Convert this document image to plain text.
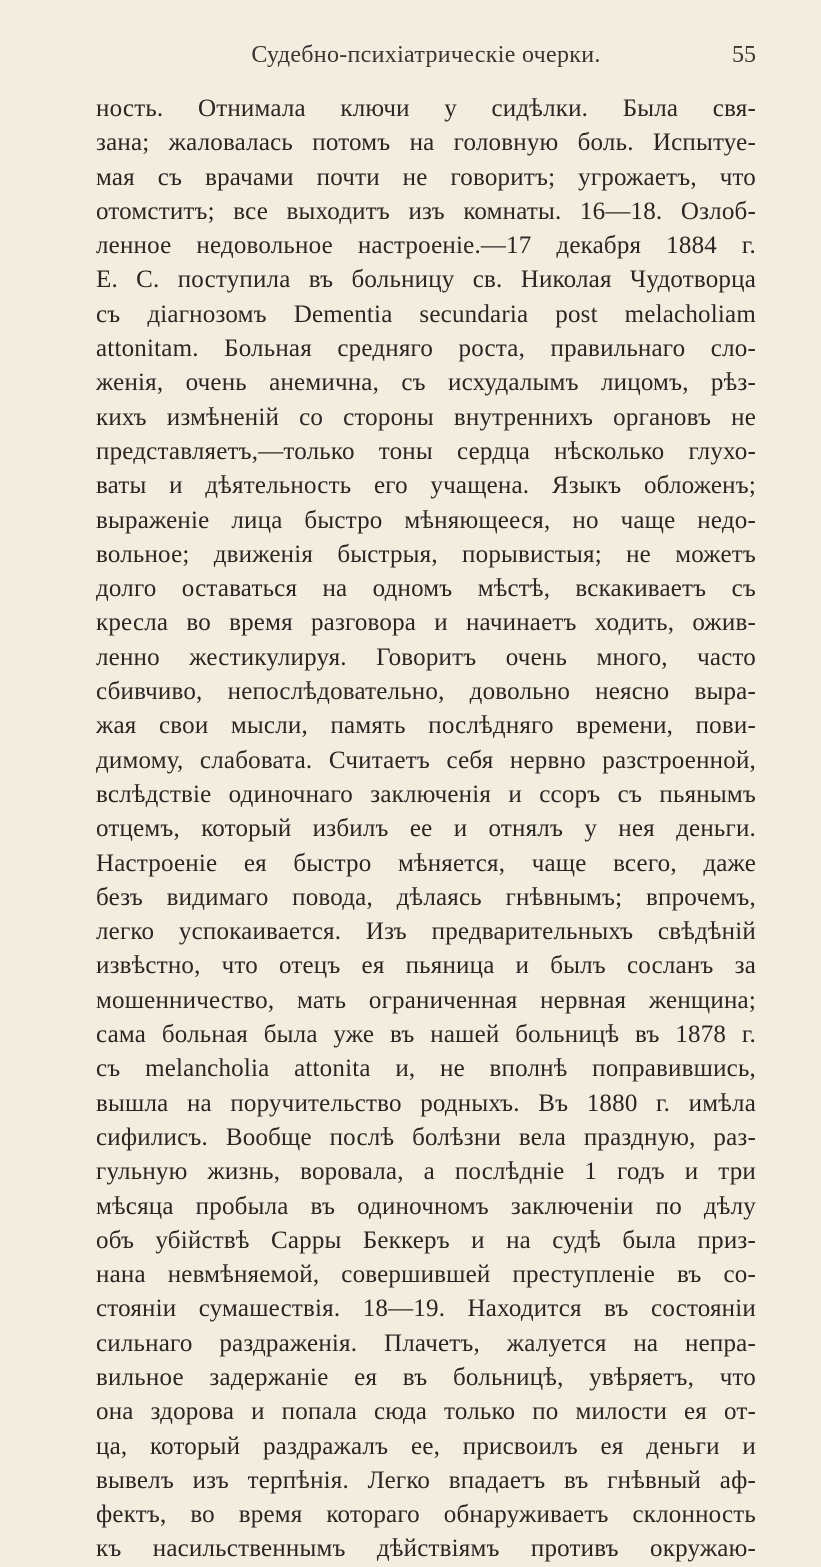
Судебно-психіатрическіе очерки.	55
ность. Отнимала ключи у сидѣлки. Была свя-
зана; жаловалась потомъ на головную боль. Испытуе-
мая съ врачами почти не говоритъ; угрожаетъ, что
отомститъ; все выходитъ изъ комнаты. 16—18. Озлоб-
ленное недовольное настроеніе.—17 декабря 1884 г.
Е. С. поступила въ больницу св. Николая Чудотворца
съ діагнозомъ Dementia secundaria post melacholiam
attonitam. Больная средняго роста, правильнаго сло-
женія, очень анемична, съ исхудалымъ лицомъ, рѣз-
кихъ измѣненій со стороны внутреннихъ органовъ не
представляетъ,—только тоны сердца нѣсколько глухо-
ваты и дѣятельность его учащена. Языкъ обложенъ;
выраженіе лица быстро мѣняющееся, но чаще недо-
вольное; движенія быстрыя, порывистыя; не можетъ
долго оставаться на одномъ мѣстѣ, вскакиваетъ съ
кресла во время разговора и начинаетъ ходить, ожив-
ленно жестикулируя. Говоритъ очень много, часто
сбивчиво, непослѣдовательно, довольно неясно выра-
жая свои мысли, память послѣдняго времени, пови-
димому, слабовата. Считаетъ себя нервно разстроенной,
вслѣдствіе одиночнаго заключенія и ссоръ съ пьянымъ
отцемъ, который избилъ ее и отнялъ у нея деньги.
Настроеніе ея быстро мѣняется, чаще всего, даже
безъ видимаго повода, дѣлаясь гнѣвнымъ; впрочемъ,
легко успокаивается. Изъ предварительныхъ свѣдѣній
извѣстно, что отецъ ея пьяница и былъ сосланъ за
мошенничество, мать ограниченная нервная женщина;
сама больная была уже въ нашей больницѣ въ 1878 г.
съ melancholia attonita и, не вполнѣ поправившись,
вышла на поручительство родныхъ. Въ 1880 г. имѣла
сифилисъ. Вообще послѣ болѣзни вела праздную, раз-
гульную жизнь, воровала, а послѣдніе 1 годъ и три
мѣсяца пробыла въ одиночномъ заключеніи по дѣлу
объ убійствѣ Сарры Беккеръ и на судѣ была приз-
нана невмѣняемой, совершившей преступленіе въ со-
стояніи сумашествія. 18—19. Находится въ состояніи
сильнаго раздраженія. Плачетъ, жалуется на непра-
вильное задержаніе ея въ больницѣ, увѣряетъ, что
она здорова и попала сюда только по милости ея от-
ца, который раздражалъ ее, присвоилъ ея деньги и
вывелъ изъ терпѣнія. Легко впадаетъ въ гнѣвный аф-
фектъ, во время котораго обнаруживаетъ склонность
къ насильственнымъ дѣйствіямъ противъ окружаю-
